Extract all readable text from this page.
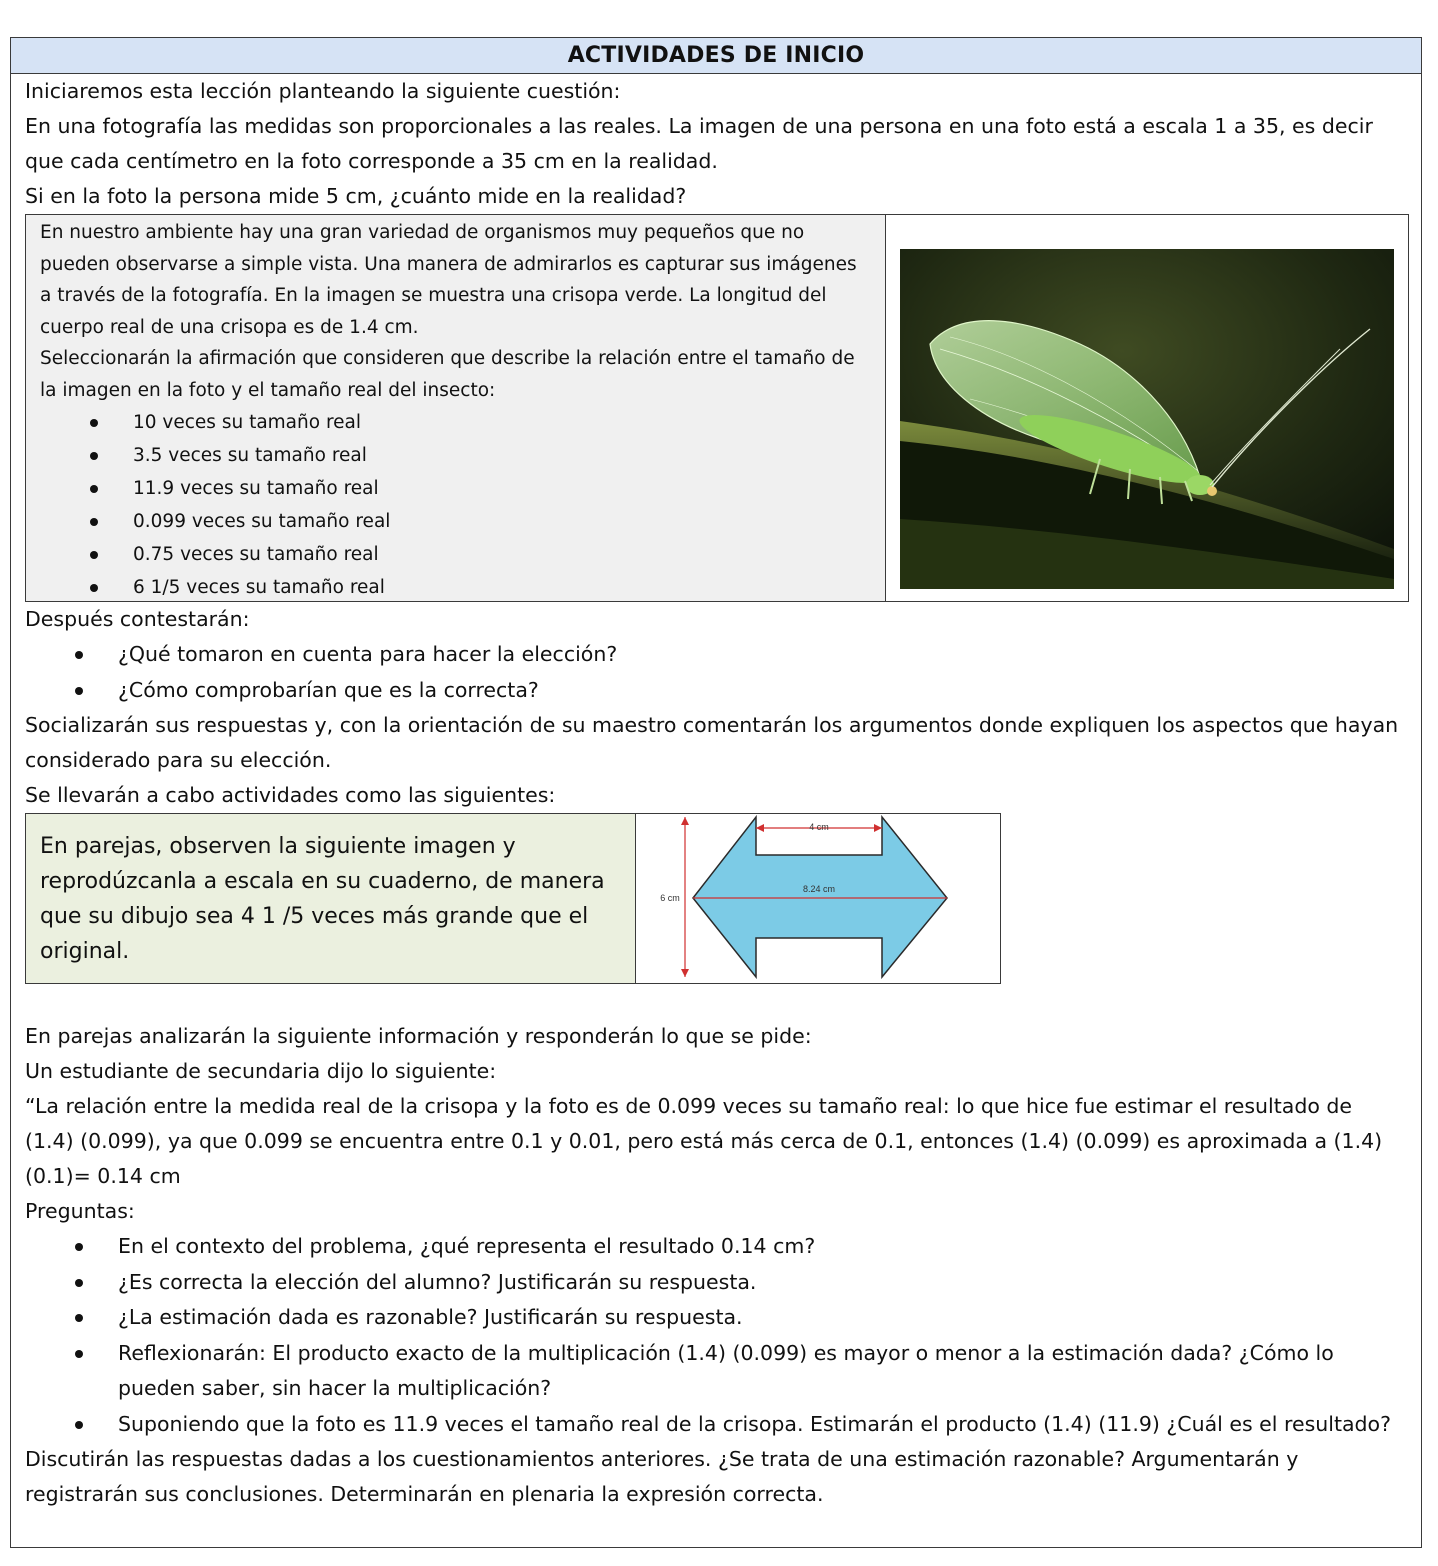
ACTIVIDADES DE INICIO
Iniciaremos esta lección planteando la siguiente cuestión:
En una fotografía las medidas son proporcionales a las reales. La imagen de una persona en una foto está a escala 1 a 35, es decir que cada centímetro en la foto corresponde a 35 cm en la realidad.
Si en la foto la persona mide 5 cm, ¿cuánto mide en la realidad?
En nuestro ambiente hay una gran variedad de organismos muy pequeños que no pueden observarse a simple vista. Una manera de admirarlos es capturar sus imágenes a través de la fotografía. En la imagen se muestra una crisopa verde. La longitud del cuerpo real de una crisopa es de 1.4 cm.
Seleccionarán la afirmación que consideren que describe la relación entre el tamaño de la imagen en la foto y el tamaño real del insecto:
10 veces su tamaño real
3.5 veces su tamaño real
11.9 veces su tamaño real
0.099 veces su tamaño real
0.75 veces su tamaño real
6 1/5 veces su tamaño real
Después contestarán:
¿Qué tomaron en cuenta para hacer la elección?
¿Cómo comprobarían que es la correcta?
Socializarán sus respuestas y, con la orientación de su maestro comentarán los argumentos donde expliquen los aspectos que hayan considerado para su elección.
Se llevarán a cabo actividades como las siguientes:
En parejas, observen la siguiente imagen y reprodúzcanla a escala en su cuaderno, de manera que su dibujo sea 4 1 /5 veces más grande que el original.
4 cm
8.24 cm
6 cm
En parejas analizarán la siguiente información y responderán lo que se pide:
Un estudiante de secundaria dijo lo siguiente:
“La relación entre la medida real de la crisopa y la foto es de 0.099 veces su tamaño real: lo que hice fue estimar el resultado de (1.4) (0.099), ya que 0.099 se encuentra entre 0.1 y 0.01, pero está más cerca de 0.1, entonces (1.4) (0.099) es aproximada a (1.4) (0.1)= 0.14 cm
Preguntas:
En el contexto del problema, ¿qué representa el resultado 0.14 cm?
¿Es correcta la elección del alumno? Justificarán su respuesta.
¿La estimación dada es razonable? Justificarán su respuesta.
Reflexionarán: El producto exacto de la multiplicación (1.4) (0.099) es mayor o menor a la estimación dada? ¿Cómo lo pueden saber, sin hacer la multiplicación?
Suponiendo que la foto es 11.9 veces el tamaño real de la crisopa. Estimarán el producto (1.4) (11.9) ¿Cuál es el resultado?
Discutirán las respuestas dadas a los cuestionamientos anteriores. ¿Se trata de una estimación razonable? Argumentarán y registrarán sus conclusiones. Determinarán en plenaria la expresión correcta.
